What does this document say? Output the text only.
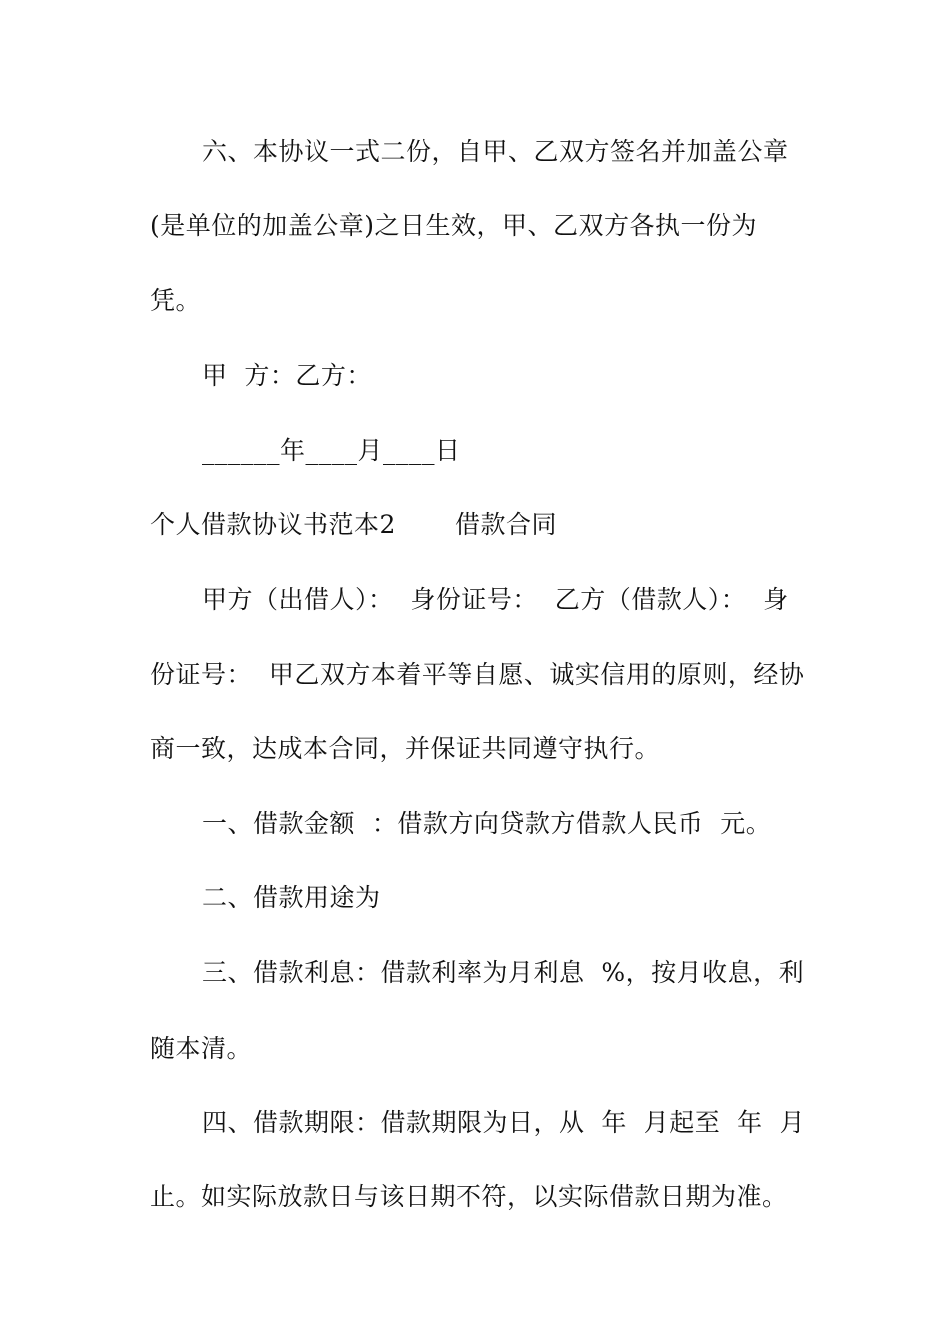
六、本协议一式二份，自甲、乙双方签名并加盖公章
(是单位的加盖公章)之日生效，甲、乙双方各执一份为
凭。
甲  方：乙方：
______年____月____日
个人借款协议书范本2       借款合同
甲方（出借人）：  身份证号：  乙方（借款人）：  身
份证号：  甲乙双方本着平等自愿、诚实信用的原则，经协
商一致，达成本合同，并保证共同遵守执行。
一、借款金额  ：借款方向贷款方借款人民币  元。
二、借款用途为
三、借款利息：借款利率为月利息  %，按月收息，利
随本清。
四、借款期限：借款期限为日，从  年  月起至  年  月
止。如实际放款日与该日期不符，以实际借款日期为准。
